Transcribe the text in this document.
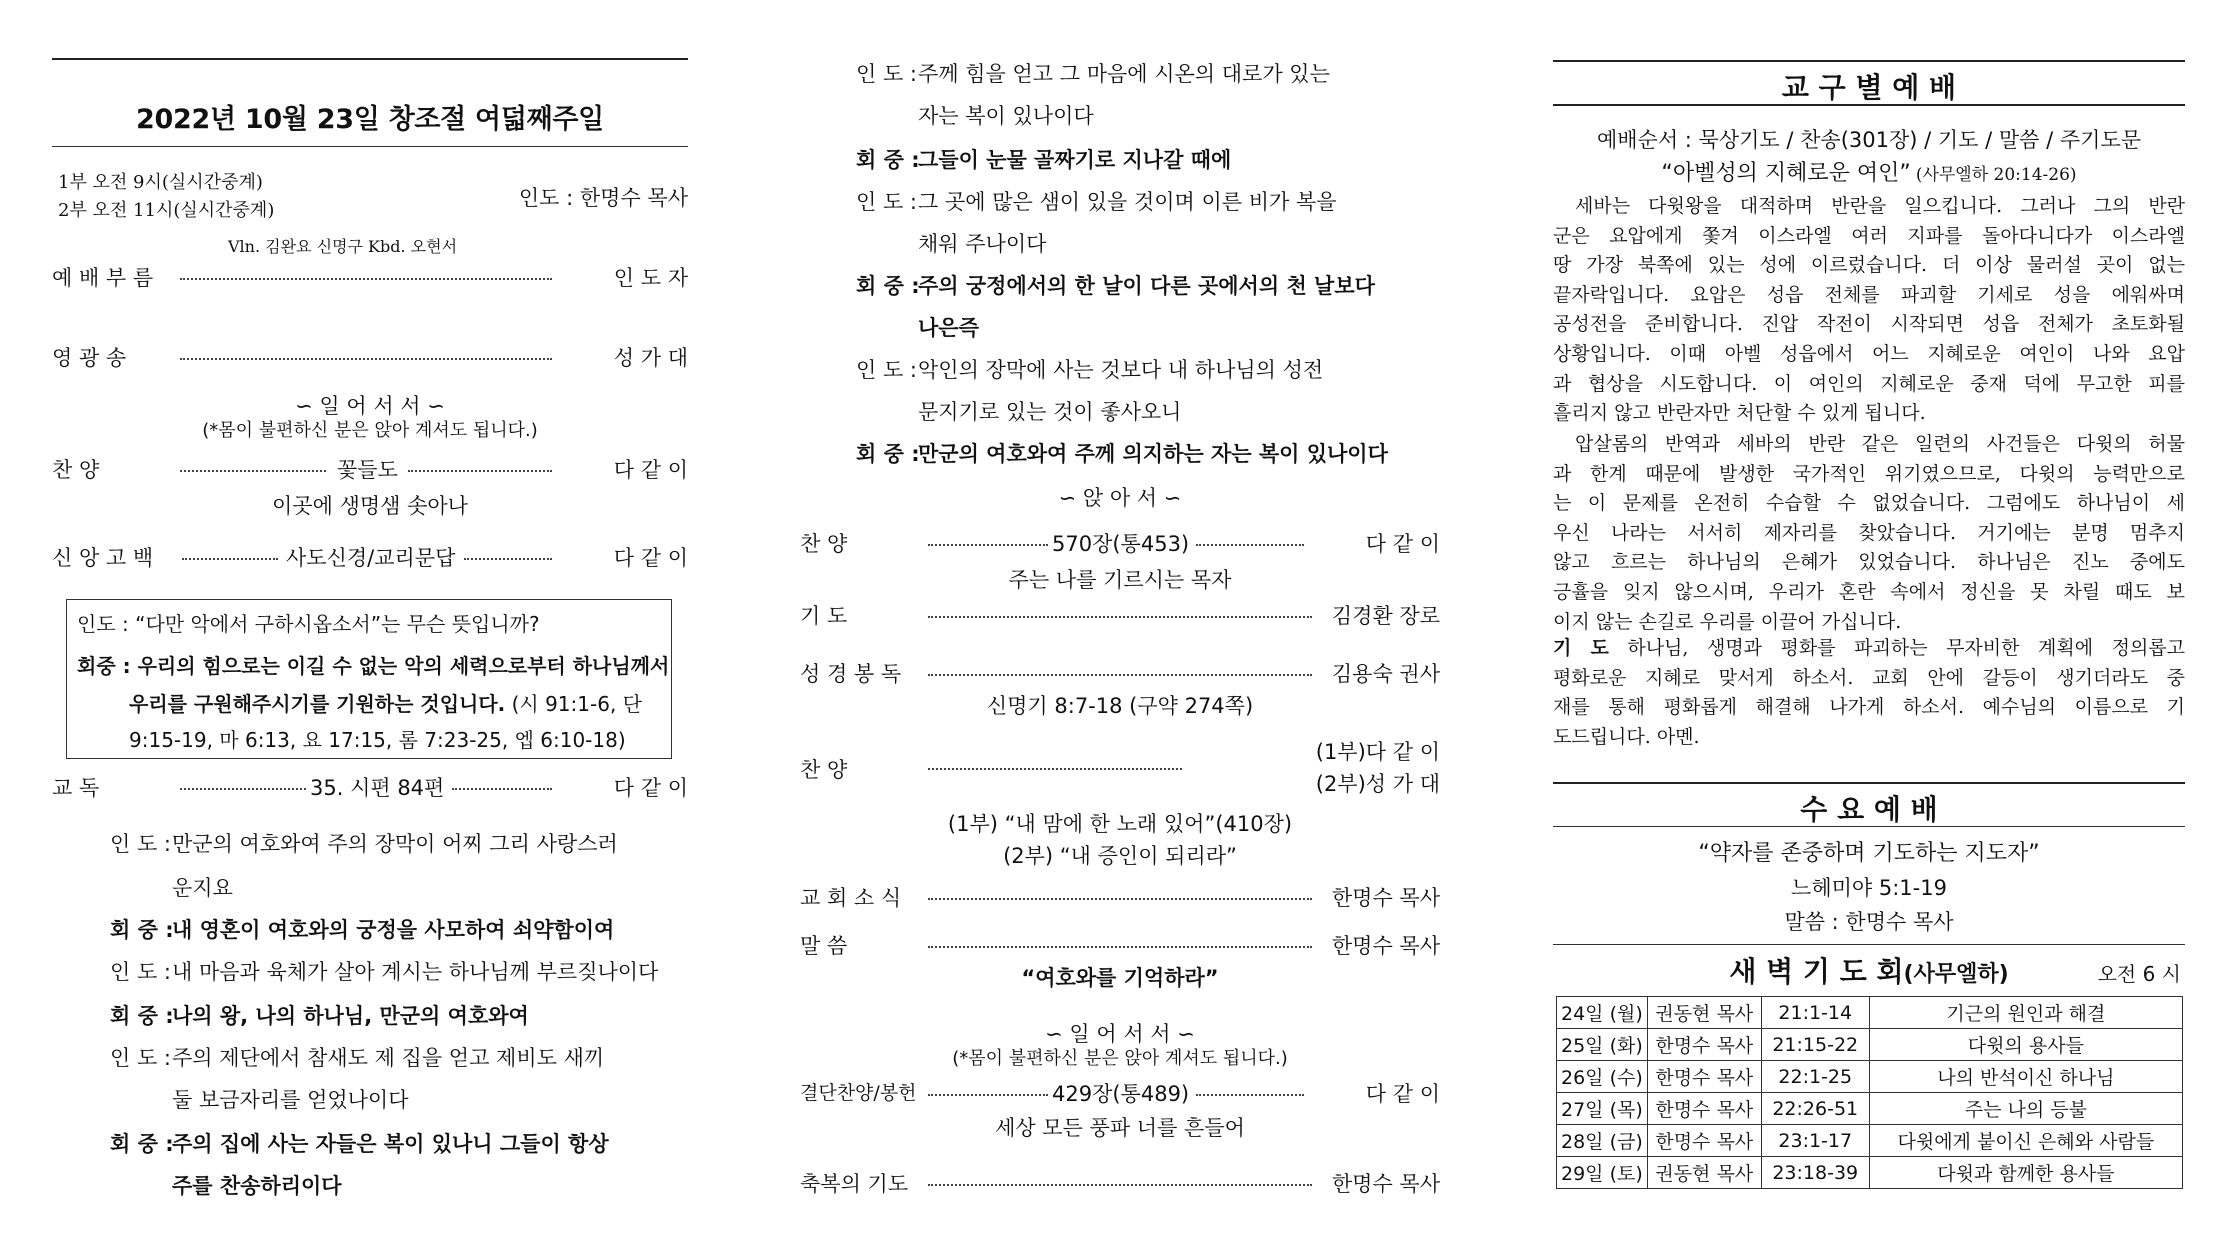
2022년 10월 23일 창조절 여덟째주일
1부 오전 9시(실시간중계)
2부 오전 11시(실시간중계)
인도 : 한명수 목사
Vln. 김완요 신명구 Kbd. 오현서
예 배 부 름	인 도 자
영 광 송	성 가 대
∽ 일 어 서 서 ∽
(*몸이 불편하신 분은 앉아 계셔도 됩니다.)
찬 양	꽃들도	다 같 이
이곳에 생명샘 솟아나
신 앙 고 백	사도신경/교리문답	다 같 이
인도 : “다만 악에서 구하시옵소서”는 무슨 뜻입니까?
회중 : 우리의 힘으로는 이길 수 없는 악의 세력으로부터 하나님께서
우리를 구원해주시기를 기원하는 것입니다. (시 91:1-6, 단
9:15-19, 마 6:13, 요 17:15, 롬 7:23-25, 엡 6:10-18)
교 독	35. 시편 84편	다 같 이
인 도 :만군의 여호와여 주의 장막이 어찌 그리 사랑스러
운지요
회 중 :내 영혼이 여호와의 궁정을 사모하여 쇠약함이여
인 도 :내 마음과 육체가 살아 계시는 하나님께 부르짖나이다
회 중 :나의 왕, 나의 하나님, 만군의 여호와여
인 도 :주의 제단에서 참새도 제 집을 얻고 제비도 새끼
둘 보금자리를 얻었나이다
회 중 :주의 집에 사는 자들은 복이 있나니 그들이 항상
주를 찬송하리이다
인 도 :주께 힘을 얻고 그 마음에 시온의 대로가 있는
자는 복이 있나이다
회 중 :그들이 눈물 골짜기로 지나갈 때에
인 도 :그 곳에 많은 샘이 있을 것이며 이른 비가 복을
채워 주나이다
회 중 :주의 궁정에서의 한 날이 다른 곳에서의 천 날보다
나은즉
인 도 :악인의 장막에 사는 것보다 내 하나님의 성전
문지기로 있는 것이 좋사오니
회 중 :만군의 여호와여 주께 의지하는 자는 복이 있나이다
∽ 앉 아 서 ∽
찬 양	570장(통453)	다 같 이
주는 나를 기르시는 목자
기 도	김경환 장로
성 경 봉 독	김용숙 권사
신명기 8:7-18 (구약 274쪽)
찬 양
(1부)다 같 이
(2부)성 가 대
(1부) “내 맘에 한 노래 있어”(410장)
(2부) “내 증인이 되리라”
교 회 소 식	한명수 목사
말 씀	한명수 목사
“여호와를 기억하라”
∽ 일 어 서 서 ∽
(*몸이 불편하신 분은 앉아 계셔도 됩니다.)
결단찬양/봉헌	429장(통489)	다 같 이
세상 모든 풍파 너를 흔들어
축복의 기도	한명수 목사
교 구 별 예 배
예배순서 : 묵상기도 / 찬송(301장) / 기도 / 말씀 / 주기도문
“아벨성의 지혜로운 여인” (사무엘하 20:14-26)
세바는 다윗왕을 대적하며 반란을 일으킵니다. 그러나 그의 반란
군은 요압에게 쫓겨 이스라엘 여러 지파를 돌아다니다가 이스라엘
땅 가장 북쪽에 있는 성에 이르렀습니다. 더 이상 물러설 곳이 없는
끝자락입니다. 요압은 성읍 전체를 파괴할 기세로 성을 에워싸며
공성전을 준비합니다. 진압 작전이 시작되면 성읍 전체가 초토화될
상황입니다. 이때 아벨 성읍에서 어느 지혜로운 여인이 나와 요압
과 협상을 시도합니다. 이 여인의 지혜로운 중재 덕에 무고한 피를
흘리지 않고 반란자만 처단할 수 있게 됩니다.
압살롬의 반역과 세바의 반란 같은 일련의 사건들은 다윗의 허물
과 한계 때문에 발생한 국가적인 위기였으므로, 다윗의 능력만으로
는 이 문제를 온전히 수습할 수 없었습니다. 그럼에도 하나님이 세
우신 나라는 서서히 제자리를 찾았습니다. 거기에는 분명 멈추지
않고 흐르는 하나님의 은혜가 있었습니다. 하나님은 진노 중에도
긍휼을 잊지 않으시며, 우리가 혼란 속에서 정신을 못 차릴 때도 보
이지 않는 손길로 우리를 이끌어 가십니다.
기 도 하나님, 생명과 평화를 파괴하는 무자비한 계획에 정의롭고
평화로운 지혜로 맞서게 하소서. 교회 안에 갈등이 생기더라도 중
재를 통해 평화롭게 해결해 나가게 하소서. 예수님의 이름으로 기
도드립니다. 아멘.
수 요 예 배
“약자를 존중하며 기도하는 지도자”
느헤미야 5:1-19
말씀 : 한명수 목사
새 벽 기 도 회(사무엘하)	오전 6 시
24일 (월)	권동현 목사	21:1-14	기근의 원인과 해결
25일 (화)	한명수 목사	21:15-22	다윗의 용사들
26일 (수)	한명수 목사	22:1-25	나의 반석이신 하나님
27일 (목)	한명수 목사	22:26-51	주는 나의 등불
28일 (금)	한명수 목사	23:1-17	다윗에게 붙이신 은혜와 사람들
29일 (토)	권동현 목사	23:18-39	다윗과 함께한 용사들
